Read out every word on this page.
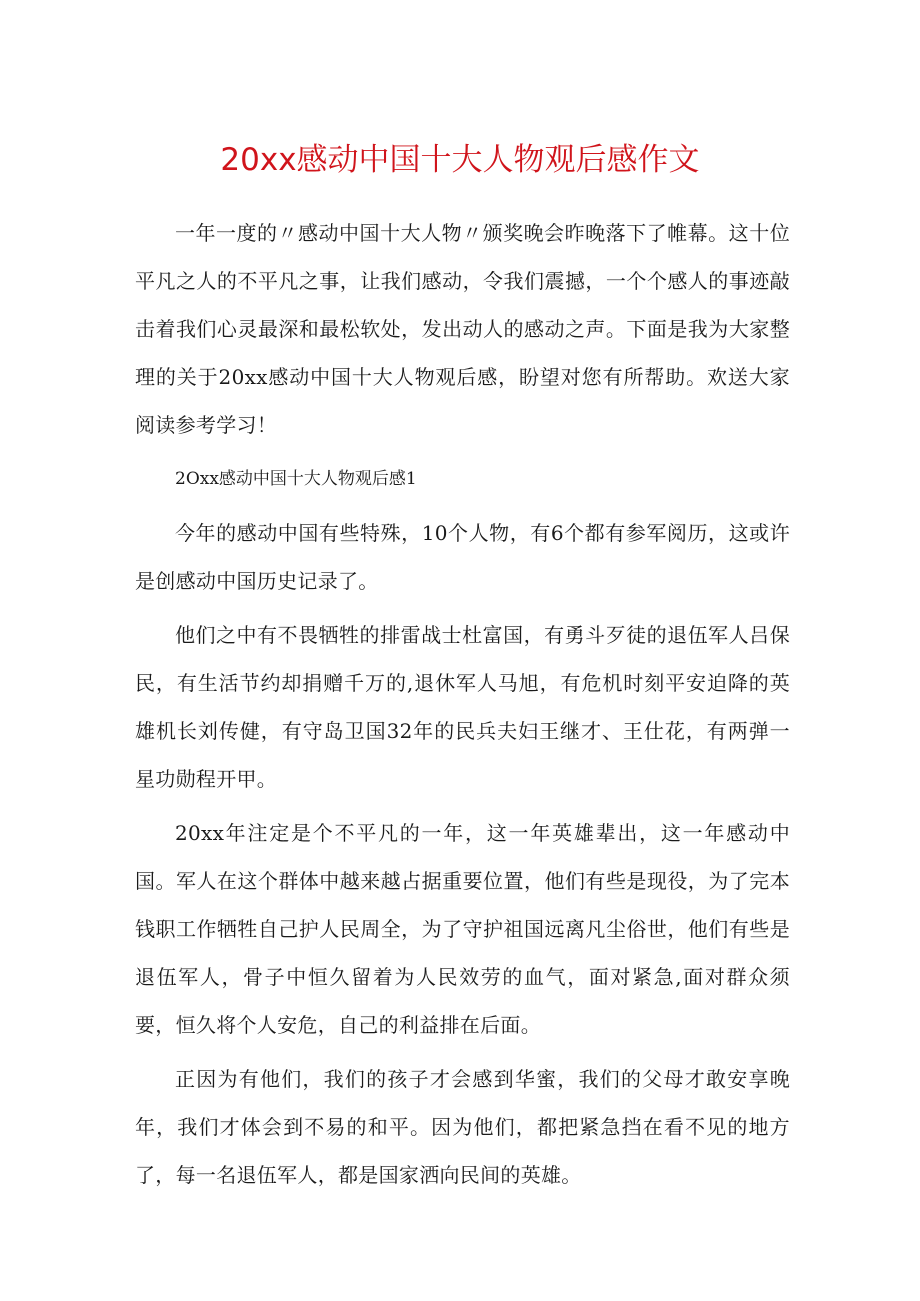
20xx感动中国十大人物观后感作文

一年一度的〃感动中国十大人物〃颁奖晚会昨晚落下了帷幕。这十位平凡之人的不平凡之事，让我们感动，令我们震撼，一个个感人的事迹敲击着我们心灵最深和最松软处，发出动人的感动之声。下面是我为大家整理的关于20xx感动中国十大人物观后感，盼望对您有所帮助。欢送大家阅读参考学习！

2Oxx感动中国十大人物观后感1

今年的感动中国有些特殊，10个人物，有6个都有参军阅历，这或许是创感动中国历史记录了。

他们之中有不畏牺牲的排雷战士杜富国，有勇斗歹徒的退伍军人吕保民，有生活节约却捐赠千万的,退休军人马旭，有危机时刻平安迫降的英雄机长刘传健，有守岛卫国32年的民兵夫妇王继才、王仕花，有两弹一星功勋程开甲。

20xx年注定是个不平凡的一年，这一年英雄辈出，这一年感动中国。军人在这个群体中越来越占据重要位置，他们有些是现役，为了完本钱职工作牺牲自己护人民周全，为了守护祖国远离凡尘俗世，他们有些是退伍军人，骨子中恒久留着为人民效劳的血气，面对紧急,面对群众须要，恒久将个人安危，自己的利益排在后面。

正因为有他们，我们的孩子才会感到华蜜，我们的父母才敢安享晚年，我们才体会到不易的和平。因为他们，都把紧急挡在看不见的地方了，每一名退伍军人，都是国家洒向民间的英雄。
